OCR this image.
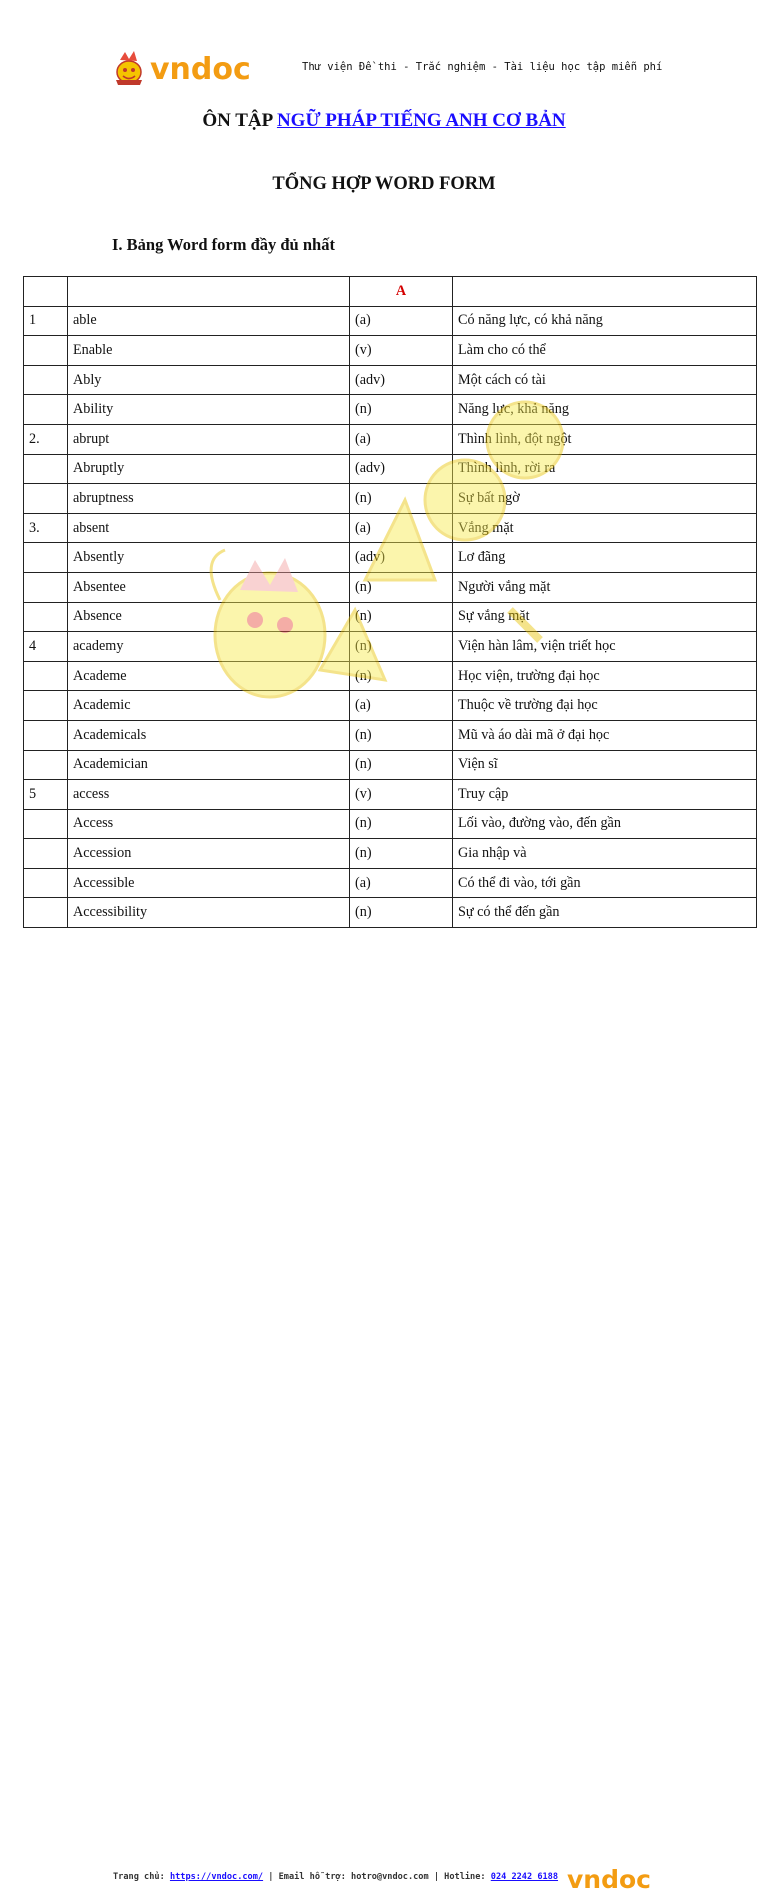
vndoc	Thư viện Đề thi - Trắc nghiệm - Tài liệu học tập miễn phí
ÔN TẬP NGỮ PHÁP TIẾNG ANH CƠ BẢN
TỔNG HỢP WORD FORM
I. Bảng Word form đầy đủ nhất
		A	
1	able	(a)	Có năng lực, có khả năng
	Enable	(v)	Làm cho có thể
	Ably	(adv)	Một cách có tài
	Ability	(n)	Năng lực, khả năng
2.	abrupt	(a)	Thình lình, đột ngột
	Abruptly	(adv)	Thình lình, rời ra
	abruptness	(n)	Sự bất ngờ
3.	absent	(a)	Vắng mặt
	Absently	(adv)	Lơ đãng
	Absentee	(n)	Người vắng mặt
	Absence	(n)	Sự vắng mặt
4	academy	(n)	Viện hàn lâm, viện triết học
	Academe	(n)	Học viện, trường đại học
	Academic	(a)	Thuộc về trường đại học
	Academicals	(n)	Mũ và áo dài mã ở đại học
	Academician	(n)	Viện sĩ
5	access	(v)	Truy cập
	Access	(n)	Lối vào, đường vào, đến gần
	Accession	(n)	Gia nhập và
	Accessible	(a)	Có thể đi vào, tới gần
	Accessibility	(n)	Sự có thể đến gần
Trang chủ: https://vndoc.com/ | Email hỗ trợ: hotro@vndoc.com | Hotline: 024 2242 6188 vndoc
